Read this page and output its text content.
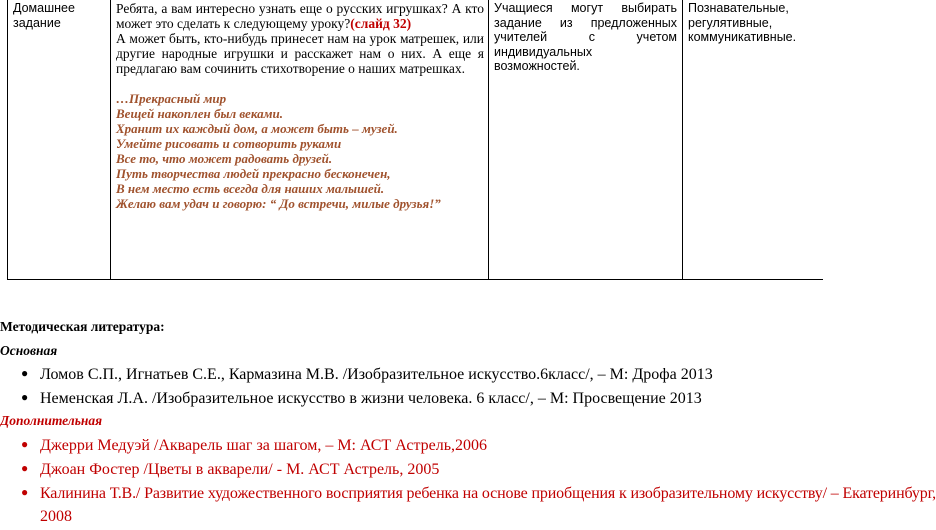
Домашнее задание
Ребята, а вам интересно узнать еще о русских игрушках? А кто может это сделать к следующему уроку?(слайд 32)
А может быть, кто-нибудь принесет нам на урок матрешек, или другие народные игрушки и расскажет нам о них. А еще я предлагаю вам сочинить стихотворение о наших матрешках.
…Прекрасный мир
Вещей накоплен был веками.
Хранит их каждый дом, а может быть – музей.
Умейте рисовать и сотворить руками
Все то, что может радовать друзей.
Путь творчества людей прекрасно бесконечен,
В нем место есть всегда для наших малышей.
Желаю вам удач и говорю: “ До встречи, милые друзья!”
Учащиеся могут выбирать задание из предложенных учителей с учетом индивидуальных возможностей.
Познавательные, регулятивные, коммуникативные.
Методическая литература:
Основная
● Ломов С.П., Игнатьев С.Е., Кармазина М.В. /Изобразительное искусство.6класс/, – М: Дрофа 2013
● Неменская Л.А. /Изобразительное искусство в жизни человека. 6 класс/, – М: Просвещение 2013
Дополнительная
● Джерри Медуэй /Акварель шаг за шагом, – М: АСТ Астрель,2006
● Джоан Фостер /Цветы в акварели/ - М. АСТ Астрель, 2005
● Калинина Т.В./ Развитие художественного восприятия ребенка на основе приобщения к изобразительному искусству/ – Екатеринбург,
2008
